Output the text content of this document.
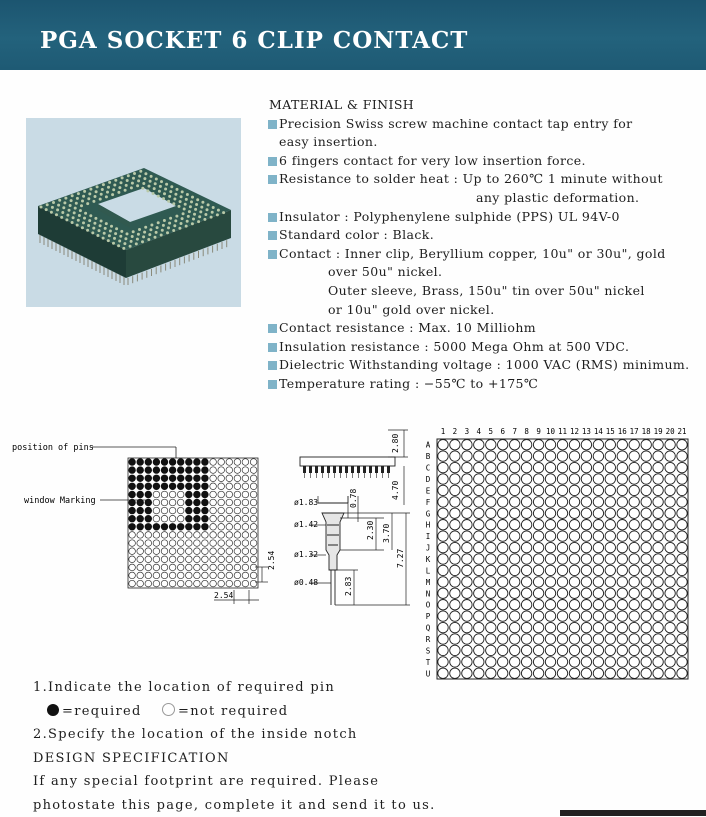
PGA SOCKET 6 CLIP CONTACT
MATERIAL & FINISH
Precision Swiss screw machine contact tap entry for
easy insertion.
6 fingers contact for very low insertion force.
Resistance to solder heat : Up to 260℃ 1 minute without
any plastic deformation.
Insulator : Polyphenylene sulphide (PPS) UL 94V-0
Standard color : Black.
Contact : Inner clip, Beryllium copper, 10u" or 30u", gold
over 50u" nickel.
Outer sleeve, Brass, 150u" tin over 50u" nickel
or 10u" gold over nickel.
Contact resistance : Max. 10 Milliohm
Insulation resistance : 5000 Mega Ohm at 500 VDC.
Dielectric Withstanding voltage : 1000 VAC (RMS) minimum.
Temperature rating : −55℃ to +175℃
position of pins
window Marking
2.54
2.54
2.80
4.70
ø1.83
ø1.42
ø1.32
ø0.48
0.78
2.30 3.70
7.27
2.83
1 2 3 4 5 6 7 8 9 10 11 12 13 14 15 16 17 18 19 20 21
A
B
C
D
E
F
G
H
I
J
K
L
M
N
O
P
Q
R
S
T
U
1.Indicate the location of required pin
=required	=not required
2.Specify the location of the inside notch
DESIGN SPECIFICATION
If any special footprint are required. Please
photostate this page, complete it and send it to us.
